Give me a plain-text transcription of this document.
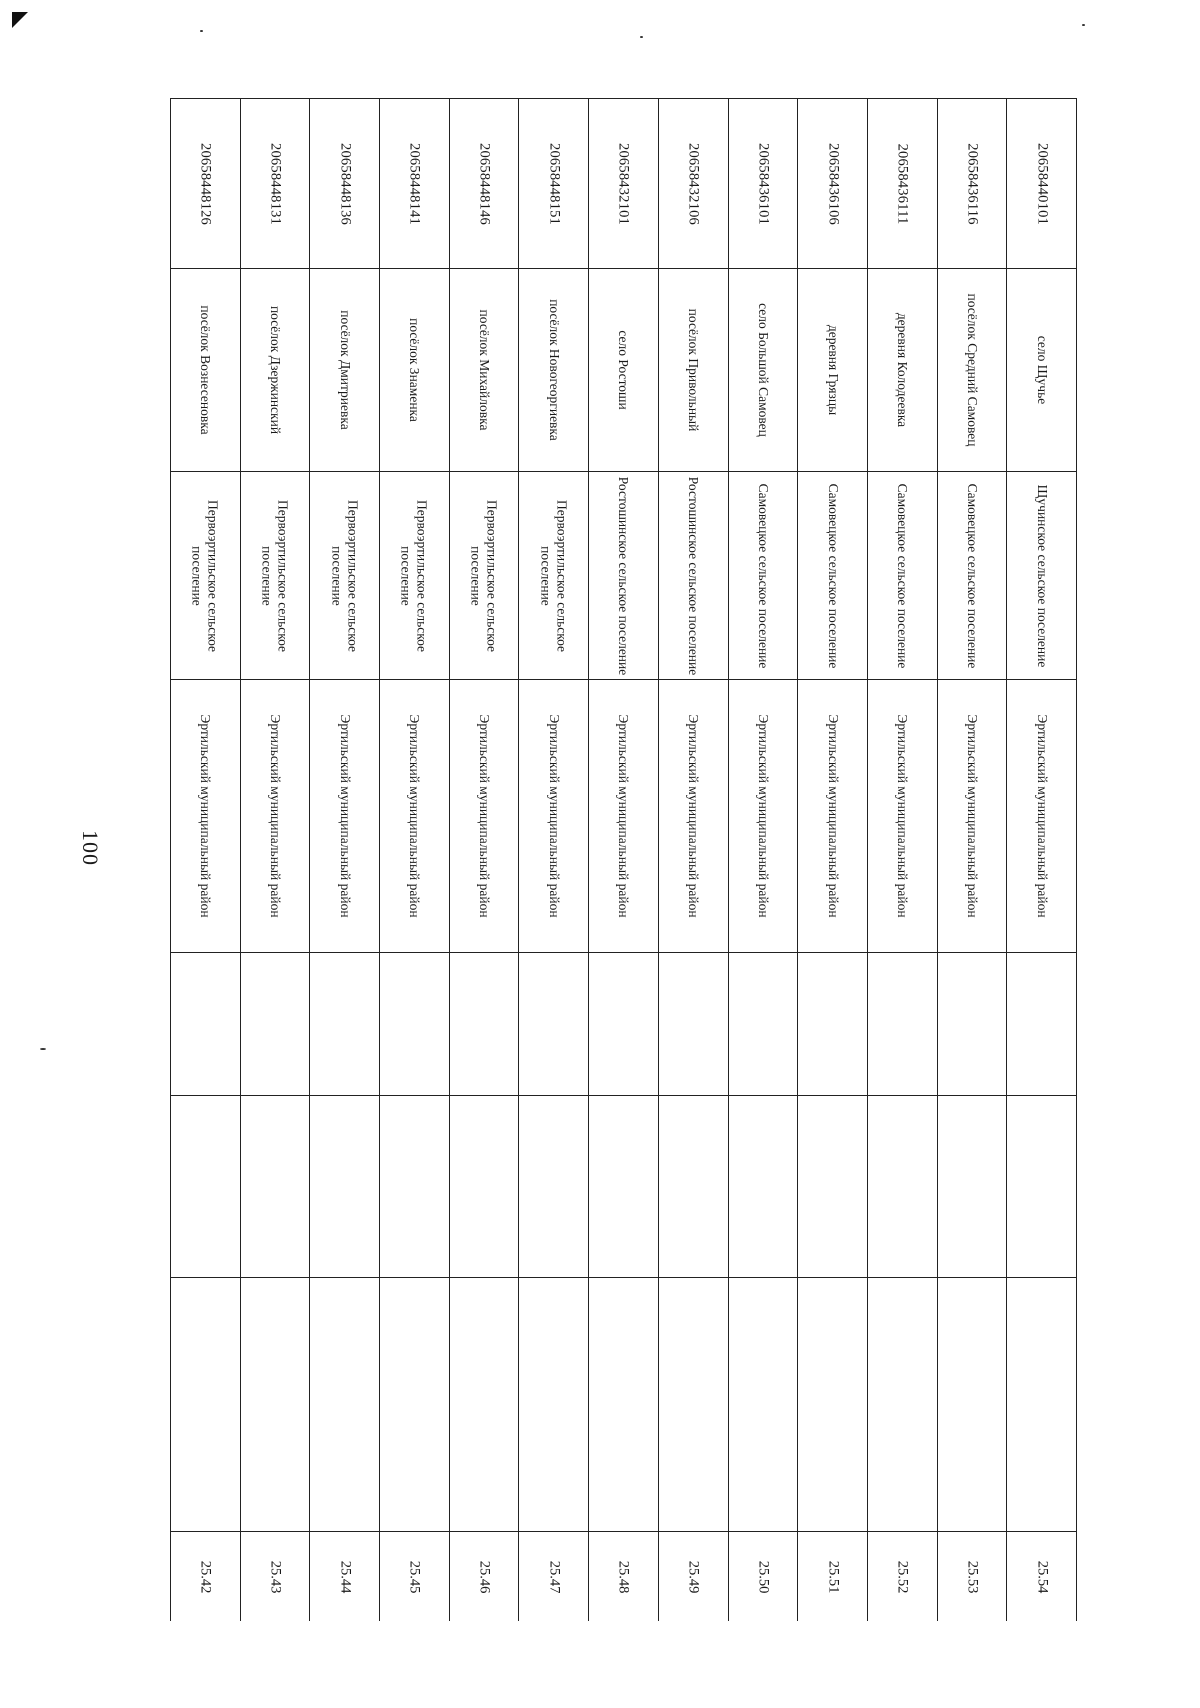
100
20658448126
посёлок Вознесеновка
Первоэртильское сельское поселение
Эртильский муниципальный район
25.42
20658448131
посёлок Дзержинский
Первоэртильское сельское поселение
Эртильский муниципальный район
25.43
20658448136
посёлок Дмитриевка
Первоэртильское сельское поселение
Эртильский муниципальный район
25.44
20658448141
посёлок Знаменка
Первоэртильское сельское поселение
Эртильский муниципальный район
25.45
20658448146
посёлок Михайловка
Первоэртильское сельское поселение
Эртильский муниципальный район
25.46
20658448151
посёлок Новогеоргиевка
Первоэртильское сельское поселение
Эртильский муниципальный район
25.47
20658432101
село Ростоши
Ростошинское сельское поселение
Эртильский муниципальный район
25.48
20658432106
посёлок Привольный
Ростошинское сельское поселение
Эртильский муниципальный район
25.49
20658436101
село Большой Самовец
Самовецкое сельское поселение
Эртильский муниципальный район
25.50
20658436106
деревня Грязцы
Самовецкое сельское поселение
Эртильский муниципальный район
25.51
20658436111
деревня Колодеевка
Самовецкое сельское поселение
Эртильский муниципальный район
25.52
20658436116
посёлок Средний Самовец
Самовецкое сельское поселение
Эртильский муниципальный район
25.53
20658440101
село Щучье
Щучинское сельское поселение
Эртильский муниципальный район
25.54
